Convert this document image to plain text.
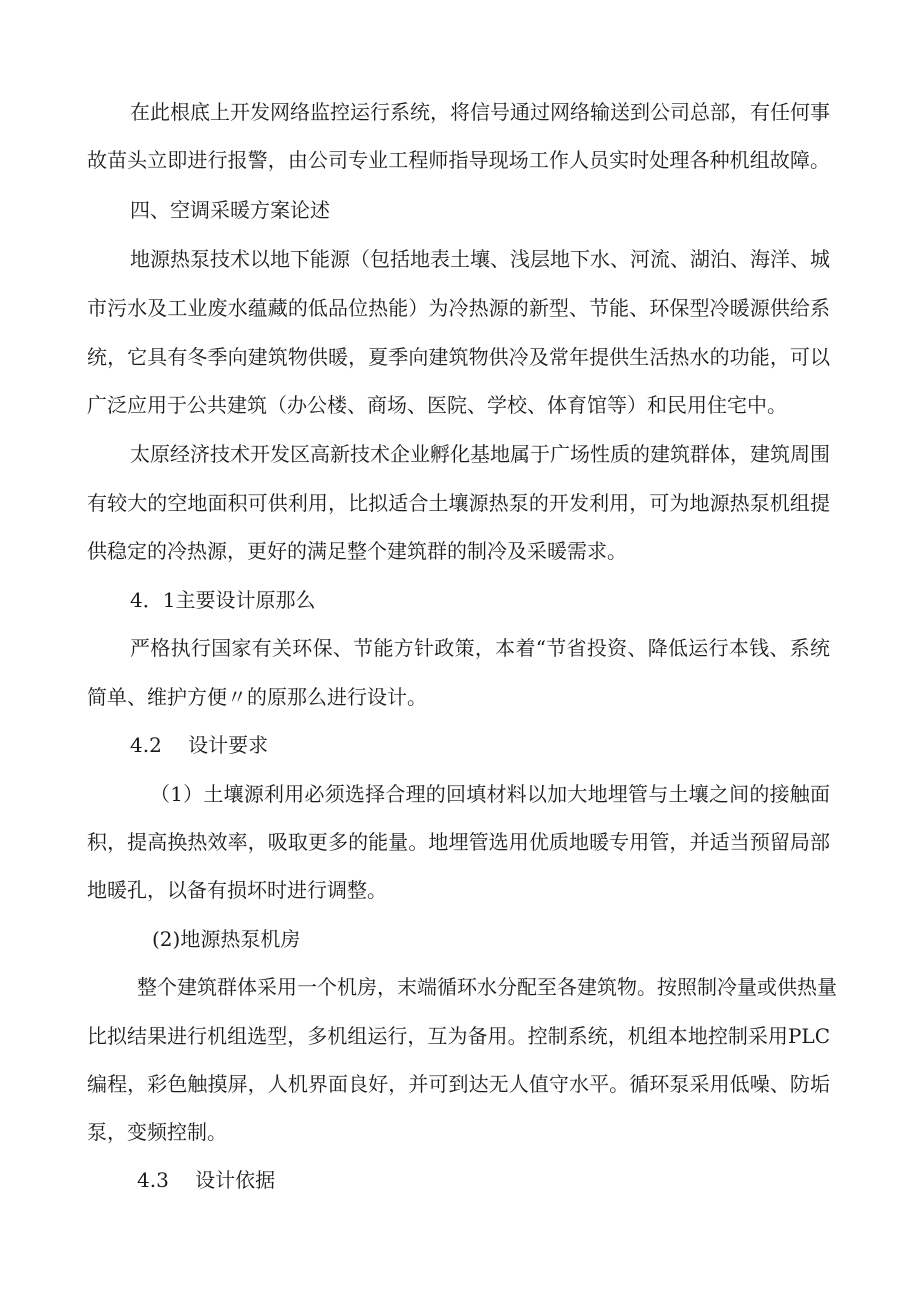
在此根底上开发网络监控运行系统，将信号通过网络输送到公司总部，有任何事
故苗头立即进行报警，由公司专业工程师指导现场工作人员实时处理各种机组故障。
四、空调采暖方案论述
地源热泵技术以地下能源（包括地表土壤、浅层地下水、河流、湖泊、海洋、城
市污水及工业废水蕴藏的低品位热能）为冷热源的新型、节能、环保型冷暖源供给系
统，它具有冬季向建筑物供暖，夏季向建筑物供冷及常年提供生活热水的功能，可以
广泛应用于公共建筑（办公楼、商场、医院、学校、体育馆等）和民用住宅中。
太原经济技术开发区高新技术企业孵化基地属于广场性质的建筑群体，建筑周围
有较大的空地面积可供利用，比拟适合土壤源热泵的开发利用，可为地源热泵机组提
供稳定的冷热源，更好的满足整个建筑群的制冷及采暖需求。
4．1主要设计原那么
严格执行国家有关环保、节能方针政策，本着“节省投资、降低运行本钱、系统
简单、维护方便〃的原那么进行设计。
4.2　 设计要求
（1）土壤源利用必须选择合理的回填材料以加大地埋管与土壤之间的接触面
积，提高换热效率，吸取更多的能量。地埋管选用优质地暖专用管，并适当预留局部
地暖孔，以备有损坏时进行调整。
(2)地源热泵机房
整个建筑群体采用一个机房，末端循环水分配至各建筑物。按照制冷量或供热量
比拟结果进行机组选型，多机组运行，互为备用。控制系统，机组本地控制采用PLC
编程，彩色触摸屏，人机界面良好，并可到达无人值守水平。循环泵采用低噪、防垢
泵，变频控制。
4.3　 设计依据
